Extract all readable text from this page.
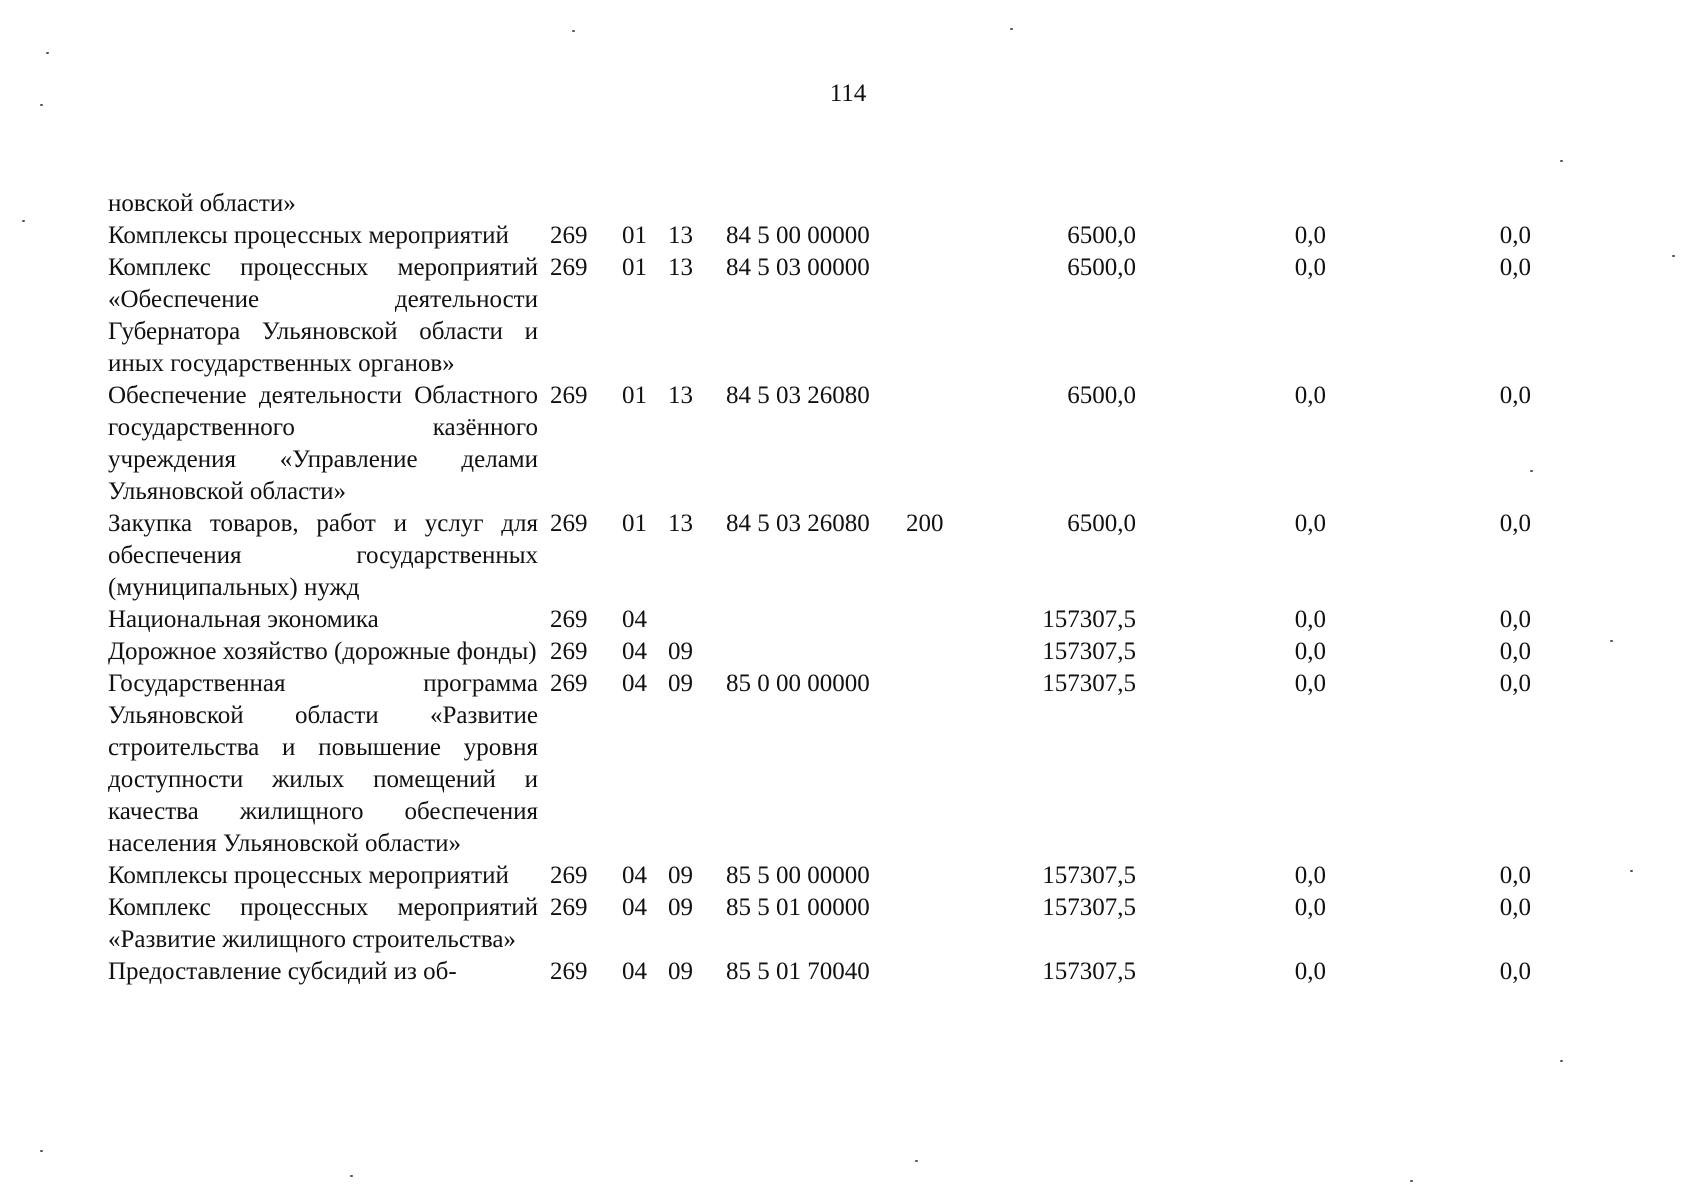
114
новской области»								
Комплексы процессных мероприятий	269	01	13	84 5 00 00000		6500,0	0,0	0,0
Комплекс процессных мероприятий «Обеспечение деятельности Губернатора Ульяновской области и иных государственных органов»	269	01	13	84 5 03 00000		6500,0	0,0	0,0
Обеспечение деятельности Областного государственного казённого учреждения «Управление делами Ульяновской области»	269	01	13	84 5 03 26080		6500,0	0,0	0,0
Закупка товаров, работ и услуг для обеспечения государственных (муниципальных) нужд	269	01	13	84 5 03 26080	200	6500,0	0,0	0,0
Национальная экономика	269	04				157307,5	0,0	0,0
Дорожное хозяйство (дорожные фонды)	269	04	09			157307,5	0,0	0,0
Государственная программа Ульяновской области «Развитие строительства и повышение уровня доступности жилых помещений и качества жилищного обеспечения населения Ульяновской области»	269	04	09	85 0 00 00000		157307,5	0,0	0,0
Комплексы процессных мероприятий	269	04	09	85 5 00 00000		157307,5	0,0	0,0
Комплекс процессных мероприятий «Развитие жилищного строительства»	269	04	09	85 5 01 00000		157307,5	0,0	0,0
Предоставление субсидий из об-	269	04	09	85 5 01 70040		157307,5	0,0	0,0
